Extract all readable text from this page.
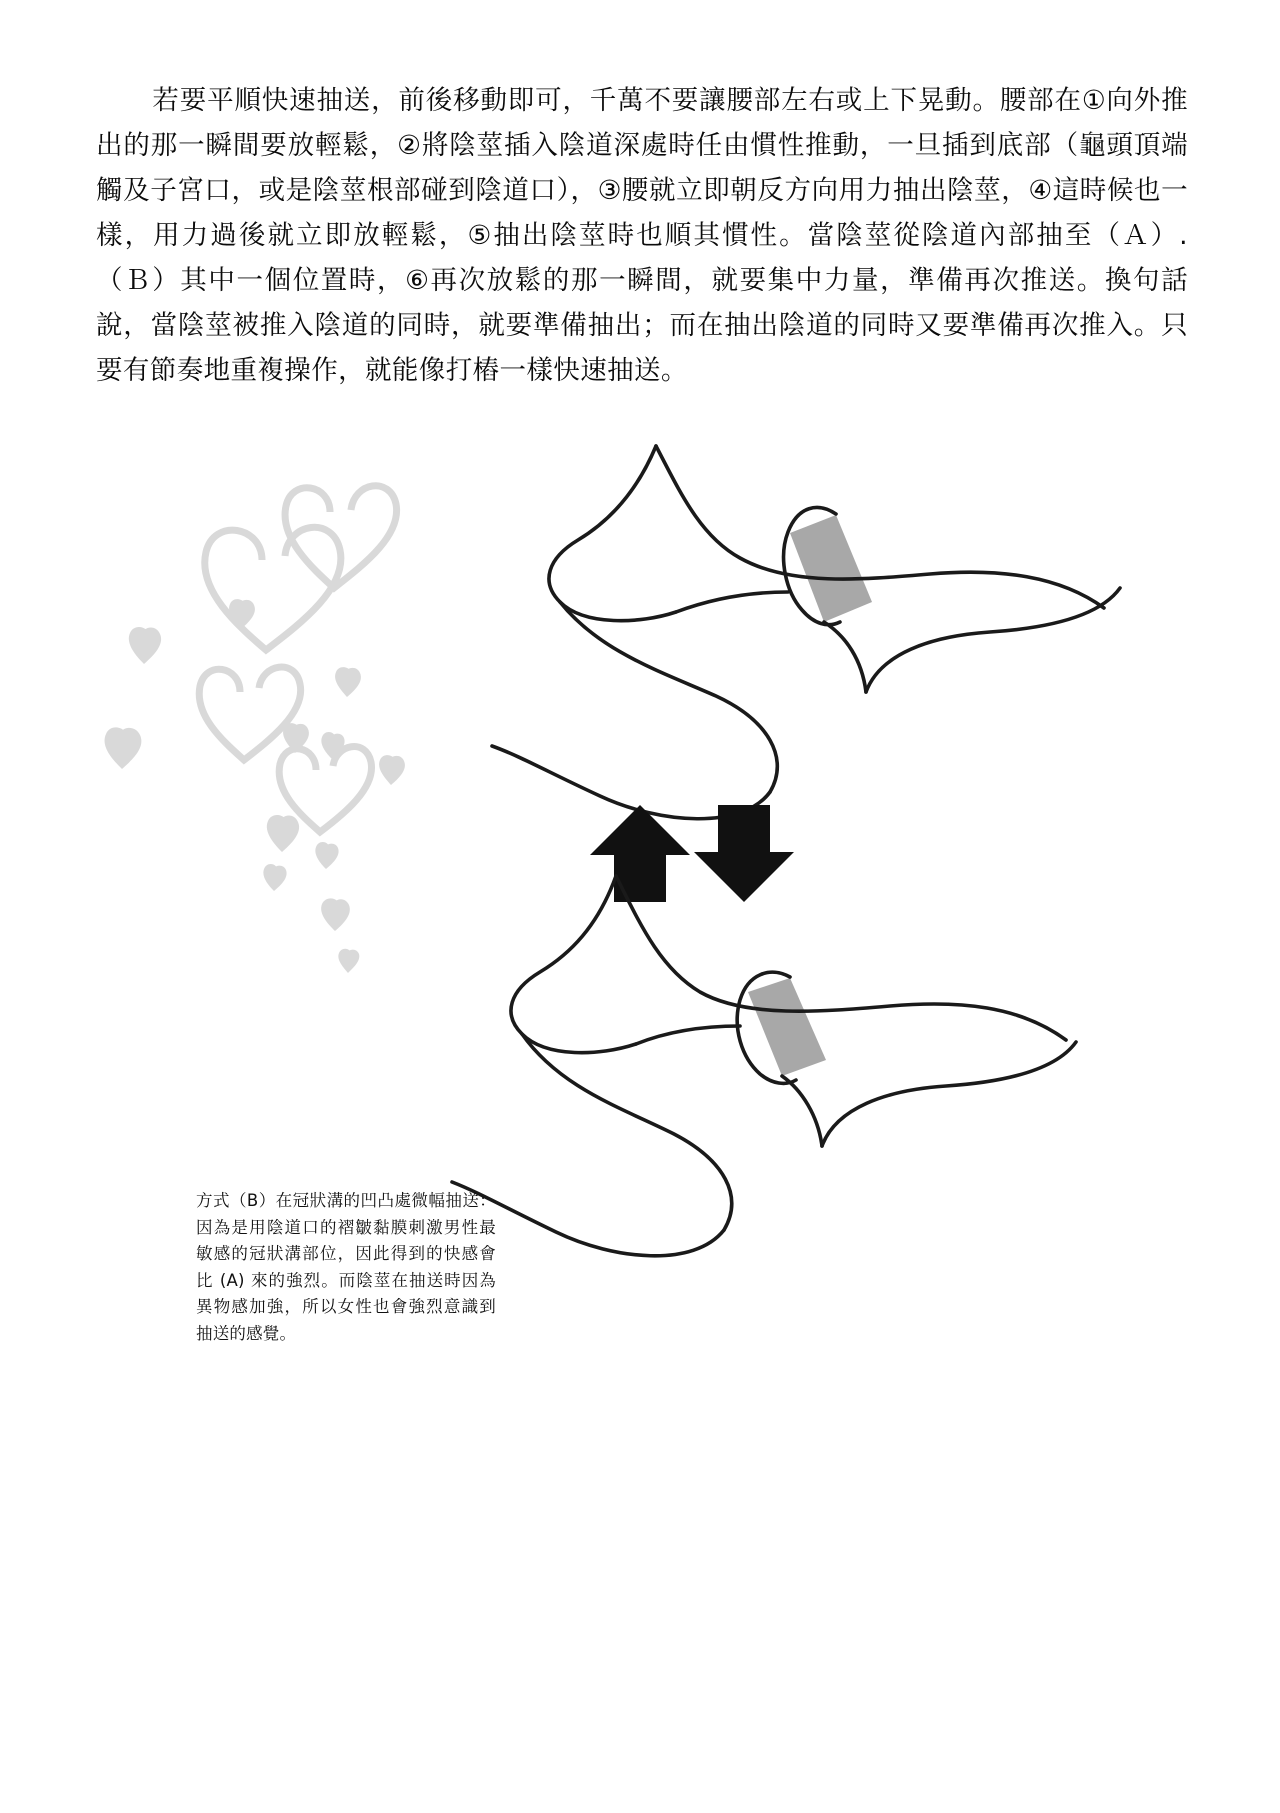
若要平順快速抽送，前後移動即可，千萬不要讓腰部左右或上下晃動。腰部在①向外推出的那一瞬間要放輕鬆，②將陰莖插入陰道深處時任由慣性推動，一旦插到底部（龜頭頂端觸及子宮口，或是陰莖根部碰到陰道口），③腰就立即朝反方向用力抽出陰莖，④這時候也一樣，用力過後就立即放輕鬆，⑤抽出陰莖時也順其慣性。當陰莖從陰道內部抽至（Ａ）.（Ｂ）其中一個位置時，⑥再次放鬆的那一瞬間，就要集中力量，準備再次推送。換句話說，當陰莖被推入陰道的同時，就要準備抽出；而在抽出陰道的同時又要準備再次推入。只要有節奏地重複操作，就能像打樁一樣快速抽送。

方式（B）在冠狀溝的凹凸處微幅抽送：因為是用陰道口的褶皺黏膜刺激男性最敏感的冠狀溝部位，因此得到的快感會比 (A) 來的強烈。而陰莖在抽送時因為異物感加強，所以女性也會強烈意識到抽送的感覺。
